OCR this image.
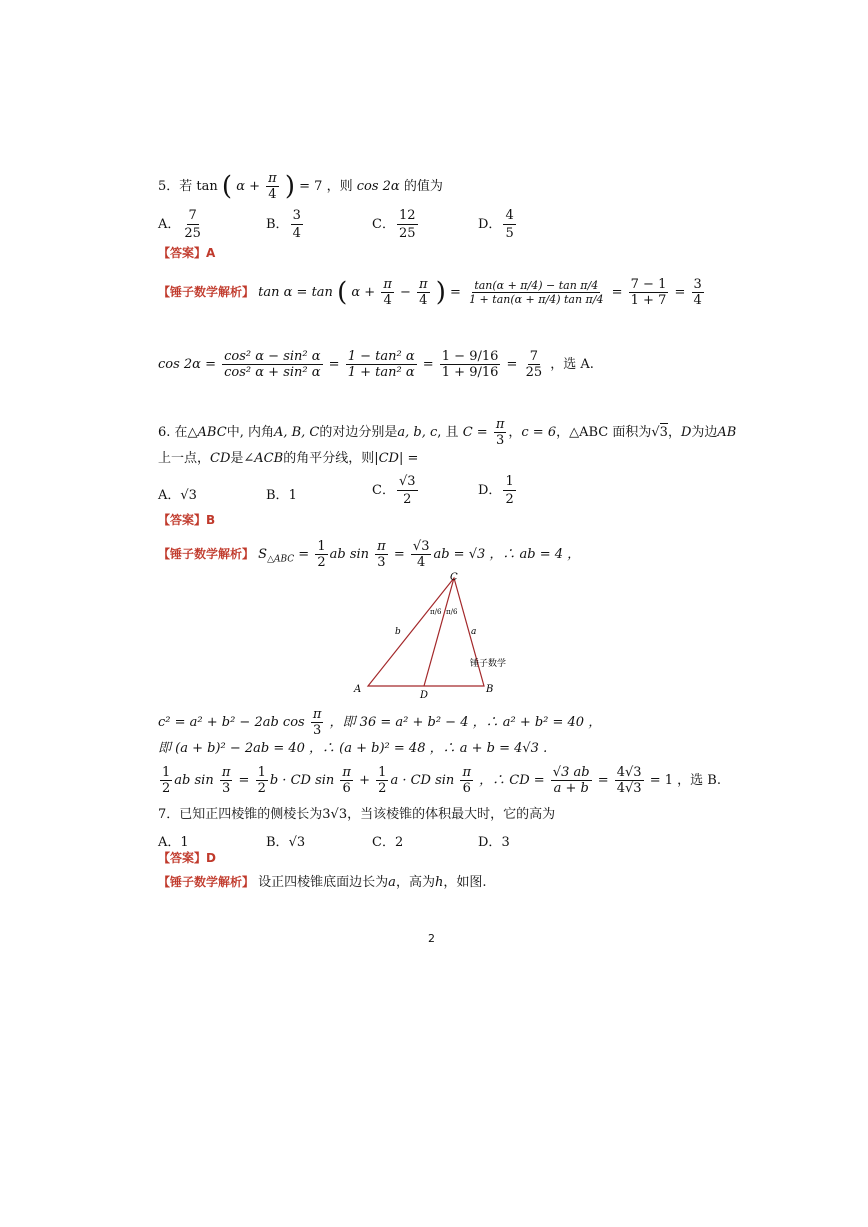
5．若 tan ( $\alpha + \frac{\pi}{4}$ ) = 7 ，则 cos 2α 的值为
A． $\frac{7}{25}$	B． $\frac{3}{4}$	C． $\frac{12}{25}$	D． $\frac{4}{5}$
【答案】A
【锤子数学解析】 tan α = tan ( $\alpha + \frac{\pi}{4} - \frac{\pi}{4}$ ) = $\frac{\text{tan(α + π/4) − tan π/4}}{\text{1 + tan(α + π/4) tan π/4}} = \frac{7 - 1}{1 + 7} = \frac{3}{4}$
$\cos 2\alpha = \frac{\text{cos² α − sin² α}}{\text{cos² α + sin² α}} = \frac{\text{1 − tan² α}}{\text{1 + tan² α}} = \frac{1 - 9/16}{1 + 9/16} = \frac{7}{25}$ ，选 A.
6. 在△ABC中, 内角A, B, C的对边分别是a, b, c, 且 $C = \frac{\pi}{3}$ ，c = 6，△ABC 面积为√3，D为边AB
上一点，CD是∠ACB的角平分线，则|CD| =
A．√3	B．1	C． $\frac{√3}{2}$	D． $\frac{1}{2}$
【答案】B
【锤子数学解析】 $S_{\triangle ABC} = \frac{1}{2}$ ab $\sin \frac{\pi}{3} = \frac{√3}{4}$ ab = √3 ，∴ ab = 4 ，
A	B
C
D
b	a
π/6 π/6
锤子数学
c² = a² + b² − 2ab $\cos \frac{\pi}{3}$ ，即 36 = a² + b² − 4 ，∴ a² + b² = 40 ，
即 (a + b)² − 2ab = 40 ，∴ (a + b)² = 48 ，∴ a + b = 4√3 .
$\frac{1}{2}$ ab $\sin \frac{\pi}{3} = \frac{1}{2}$ b · CD $\sin \frac{\pi}{6} + \frac{1}{2}$ a · CD $\sin \frac{\pi}{6}$ ，∴ CD = $\frac{√3 ab}{a + b} = \frac{4√3}{4√3} = 1$ ，选 B.
7．已知正四棱锥的侧棱长为3√3，当该棱锥的体积最大时，它的高为
A．1	B．√3	C．2	D．3
【答案】D
【锤子数学解析】 设正四棱锥底面边长为a，高为h，如图.
2
